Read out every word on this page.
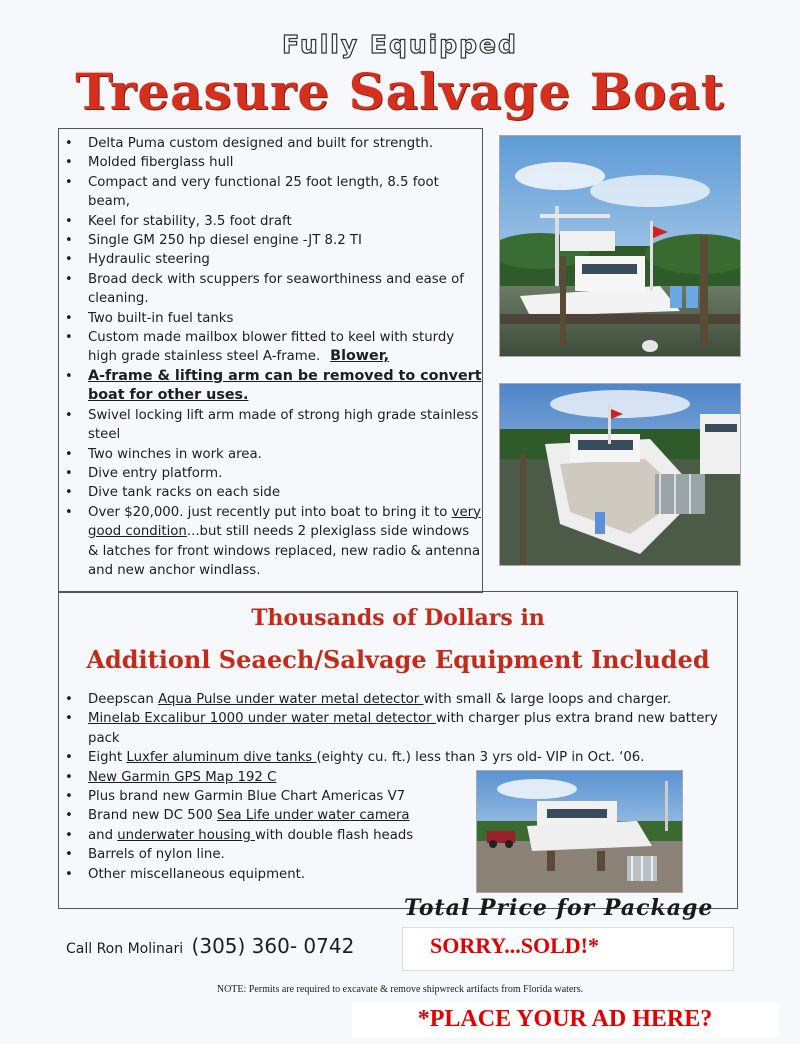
Fully Equipped
Treasure Salvage Boat
• Delta Puma custom designed and built for strength.
• Molded fiberglass hull
• Compact and very functional 25 foot length, 8.5 foot beam,
• Keel for stability, 3.5 foot draft
• Single GM 250 hp diesel engine -JT 8.2 TI
• Hydraulic steering
• Broad deck with scuppers for seaworthiness and ease of cleaning.
• Two built-in fuel tanks
• Custom made mailbox blower fitted to keel with sturdy high grade stainless steel A-frame. Blower,
• A-frame & lifting arm can be removed to convert boat for other uses.
• Swivel locking lift arm made of strong high grade stainless steel
• Two winches in work area.
• Dive entry platform.
• Dive tank racks on each side
• Over $20,000. just recently put into boat to bring it to very good condition...but still needs 2 plexiglass side windows & latches for front windows replaced, new radio & antenna and new anchor windlass.
Thousands of Dollars in
Additionl Seaech/Salvage Equipment Included
• Deepscan Aqua Pulse under water metal detector with small & large loops and charger.
• Minelab Excalibur 1000 under water metal detector with charger plus extra brand new battery pack
• Eight Luxfer aluminum dive tanks (eighty cu. ft.) less than 3 yrs old- VIP in Oct. ‘06.
• New Garmin GPS Map 192 C
• Plus brand new Garmin Blue Chart Americas V7
• Brand new DC 500 Sea Life under water camera
• and underwater housing with double flash heads
• Barrels of nylon line.
• Other miscellaneous equipment.
Total Price for Package
Call Ron Molinari (305) 360- 0742	SORRY...SOLD!*
NOTE: Permits are required to excavate & remove shipwreck artifacts from Florida waters.
*PLACE YOUR AD HERE?
